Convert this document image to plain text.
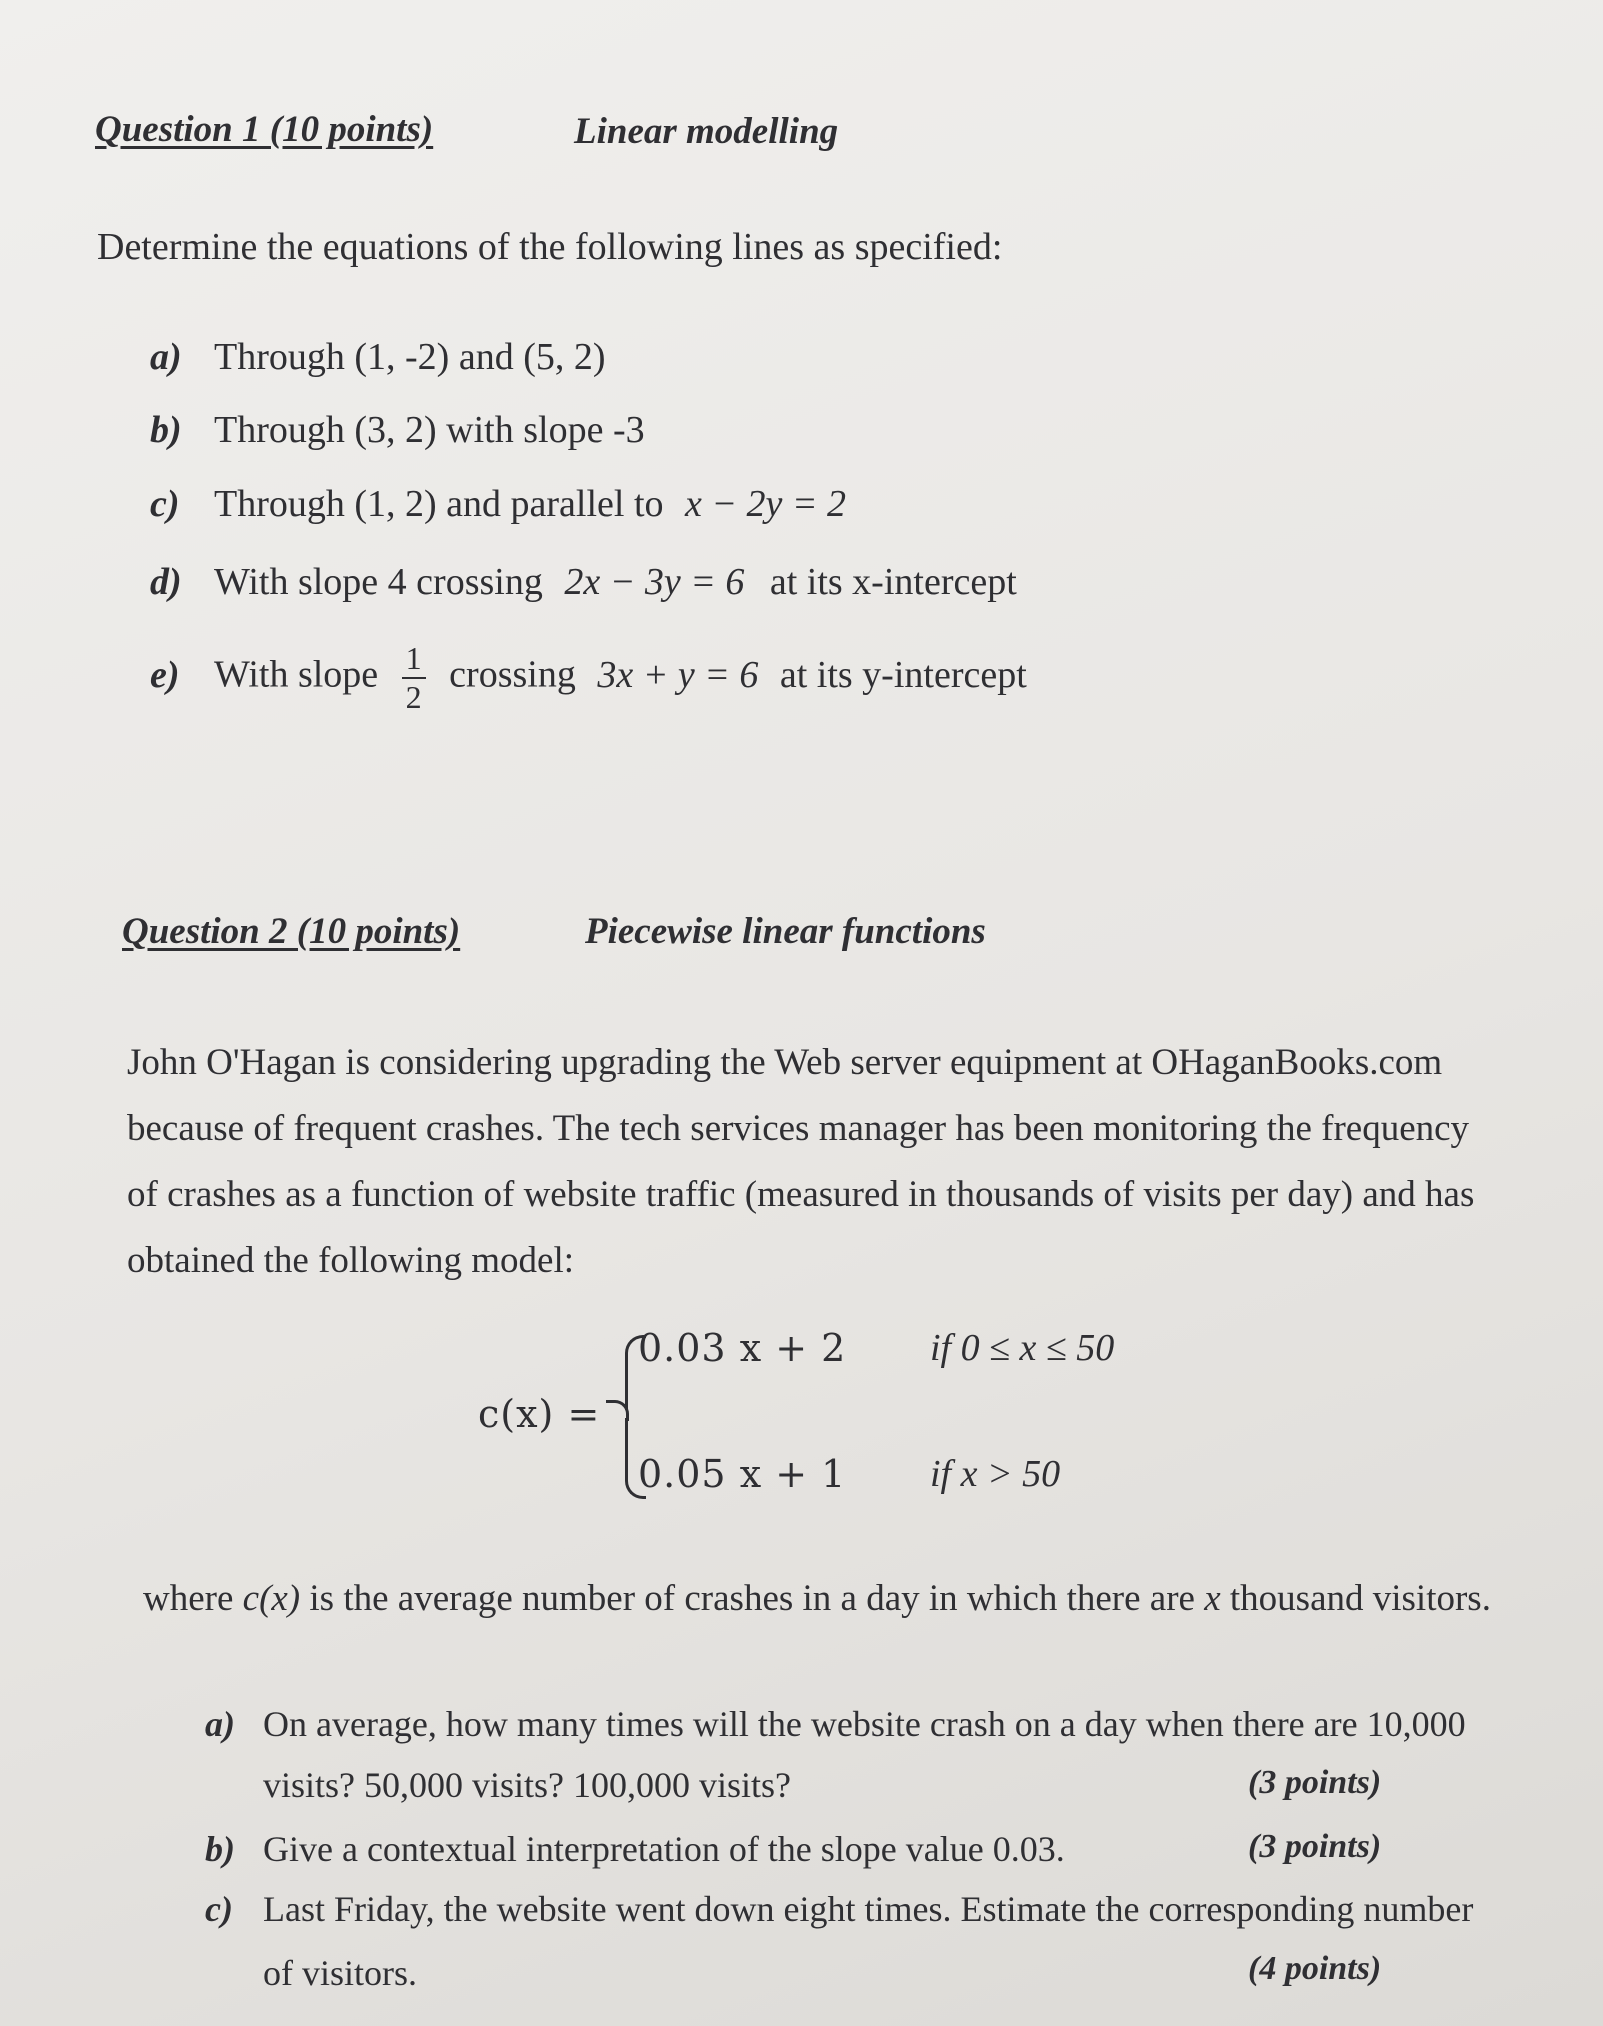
Question 1 (10 points)	Linear modelling
Determine the equations of the following lines as specified:
a) Through (1, -2) and (5, 2)
b) Through (3, 2) with slope -3
c) Through (1, 2) and parallel to x − 2y = 2
d) With slope 4 crossing 2x − 3y = 6 at its x-intercept
e) With slope $\frac{1}{2}$ crossing 3x + y = 6 at its y-intercept
Question 2 (10 points)	Piecewise linear functions
John O'Hagan is considering upgrading the Web server equipment at OHaganBooks.com
because of frequent crashes. The tech services manager has been monitoring the frequency
of crashes as a function of website traffic (measured in thousands of visits per day) and has
obtained the following model:
c(x) =
0.03 x + 2 if 0 ≤ x ≤ 50
0.05 x + 1 if x > 50
where c(x) is the average number of crashes in a day in which there are x thousand visitors.
a) On average, how many times will the website crash on a day when there are 10,000
visits? 50,000 visits? 100,000 visits?	(3 points)
b) Give a contextual interpretation of the slope value 0.03.	(3 points)
c) Last Friday, the website went down eight times. Estimate the corresponding number
of visitors.	(4 points)
